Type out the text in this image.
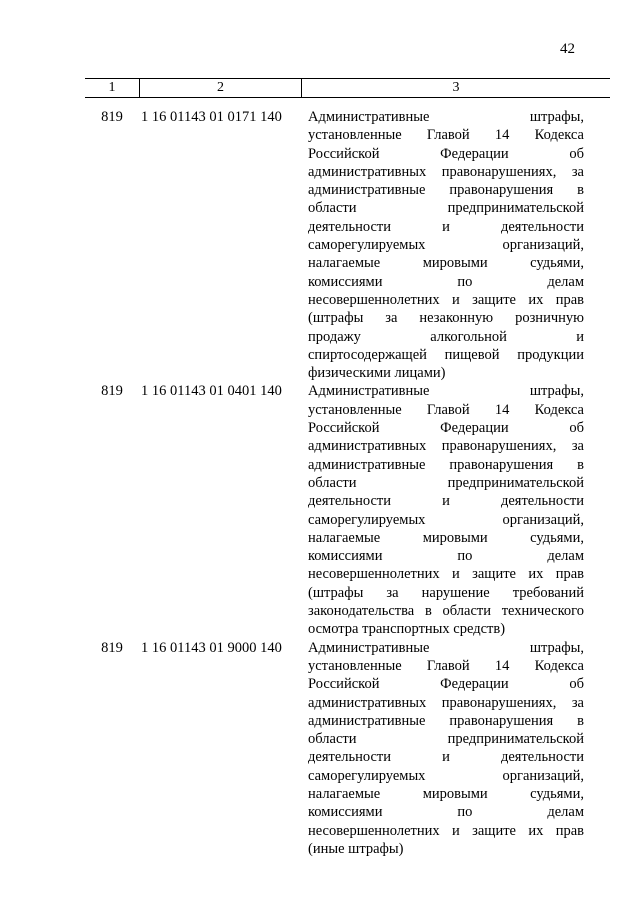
42
1	2	3
819	1 16 01143 01 0171 140	Административные	штрафы,
установленные Главой 14 Кодекса
Российской	Федерации	об
административных правонарушениях, за
административные правонарушения в
области	предпринимательской
деятельности	и	деятельности
саморегулируемых	организаций,
налагаемые	мировыми	судьями,
комиссиями	по	делам
несовершеннолетних и защите их прав
(штрафы за незаконную розничную
продажу	алкогольной	и
спиртосодержащей пищевой продукции
физическими лицами)
819	1 16 01143 01 0401 140	Административные	штрафы,
установленные Главой 14 Кодекса
Российской	Федерации	об
административных правонарушениях, за
административные правонарушения в
области	предпринимательской
деятельности	и	деятельности
саморегулируемых	организаций,
налагаемые	мировыми	судьями,
комиссиями	по	делам
несовершеннолетних и защите их прав
(штрафы за нарушение требований
законодательства в области технического
осмотра транспортных средств)
819	1 16 01143 01 9000 140	Административные	штрафы,
установленные Главой 14 Кодекса
Российской	Федерации	об
административных правонарушениях, за
административные правонарушения в
области	предпринимательской
деятельности	и	деятельности
саморегулируемых	организаций,
налагаемые	мировыми	судьями,
комиссиями	по	делам
несовершеннолетних и защите их прав
(иные штрафы)
